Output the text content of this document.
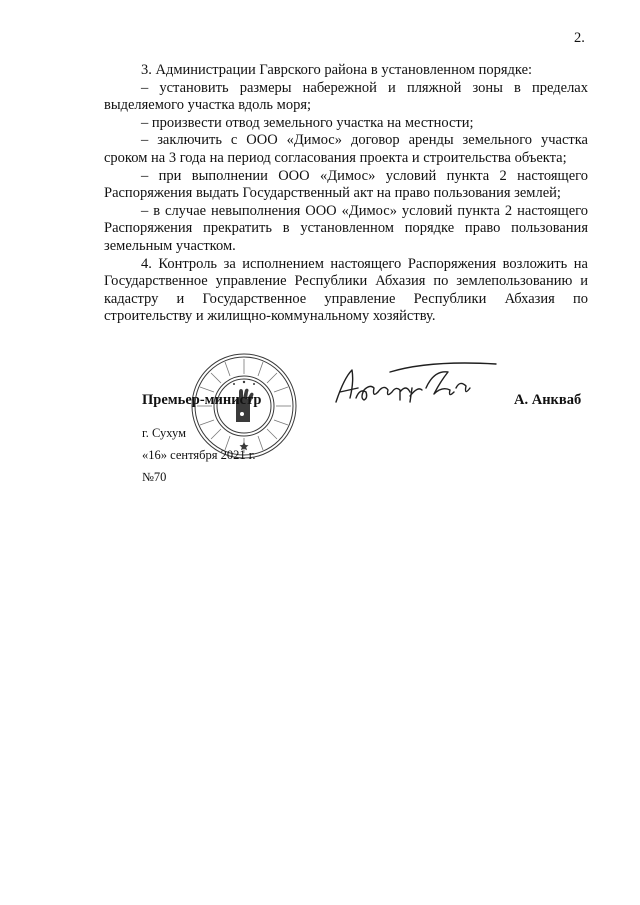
2.

3. Администрации Гаврского района в установленном порядке:

– установить размеры набережной и пляжной зоны в пределах выделяемого участка вдоль моря;

– произвести отвод земельного участка на местности;

– заключить с ООО «Димос» договор аренды земельного участка сроком на 3 года на период согласования проекта и строительства объекта;

– при выполнении ООО «Димос» условий пункта 2 настоящего Распоряжения выдать Государственный акт на право пользования землей;

– в случае невыполнения ООО «Димос» условий пункта 2 настоящего Распоряжения прекратить в установленном порядке право пользования земельным участком.

4. Контроль за исполнением настоящего Распоряжения возложить на Государственное управление Республики Абхазия по землепользованию и кадастру и Государственное управление Республики Абхазия по строительству и жилищно-коммунальному хозяйству.

Премьер-министр	А. Анкваб
г. Сухум
«16» сентября 2021 г.
№70
